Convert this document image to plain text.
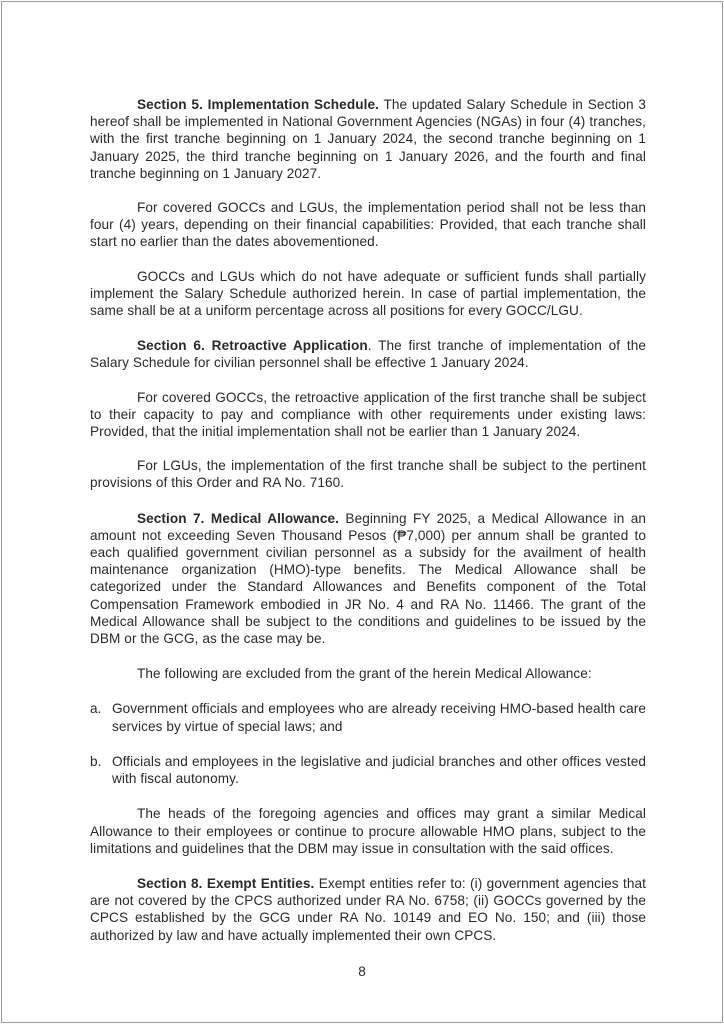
Section 5. Implementation Schedule. The updated Salary Schedule in Section 3 hereof shall be implemented in National Government Agencies (NGAs) in four (4) tranches, with the first tranche beginning on 1 January 2024, the second tranche beginning on 1 January 2025, the third tranche beginning on 1 January 2026, and the fourth and final tranche beginning on 1 January 2027.

For covered GOCCs and LGUs, the implementation period shall not be less than four (4) years, depending on their financial capabilities: Provided, that each tranche shall start no earlier than the dates abovementioned.

GOCCs and LGUs which do not have adequate or sufficient funds shall partially implement the Salary Schedule authorized herein. In case of partial implementation, the same shall be at a uniform percentage across all positions for every GOCC/LGU.

Section 6. Retroactive Application. The first tranche of implementation of the Salary Schedule for civilian personnel shall be effective 1 January 2024.

For covered GOCCs, the retroactive application of the first tranche shall be subject to their capacity to pay and compliance with other requirements under existing laws: Provided, that the initial implementation shall not be earlier than 1 January 2024.

For LGUs, the implementation of the first tranche shall be subject to the pertinent provisions of this Order and RA No. 7160.

Section 7. Medical Allowance. Beginning FY 2025, a Medical Allowance in an amount not exceeding Seven Thousand Pesos (₱7,000) per annum shall be granted to each qualified government civilian personnel as a subsidy for the availment of health maintenance organization (HMO)-type benefits. The Medical Allowance shall be categorized under the Standard Allowances and Benefits component of the Total Compensation Framework embodied in JR No. 4 and RA No. 11466. The grant of the Medical Allowance shall be subject to the conditions and guidelines to be issued by the DBM or the GCG, as the case may be.

The following are excluded from the grant of the herein Medical Allowance:

a. Government officials and employees who are already receiving HMO-based health care services by virtue of special laws; and
b. Officials and employees in the legislative and judicial branches and other offices vested with fiscal autonomy.

The heads of the foregoing agencies and offices may grant a similar Medical Allowance to their employees or continue to procure allowable HMO plans, subject to the limitations and guidelines that the DBM may issue in consultation with the said offices.

Section 8. Exempt Entities. Exempt entities refer to: (i) government agencies that are not covered by the CPCS authorized under RA No. 6758; (ii) GOCCs governed by the CPCS established by the GCG under RA No. 10149 and EO No. 150; and (iii) those authorized by law and have actually implemented their own CPCS.

8
